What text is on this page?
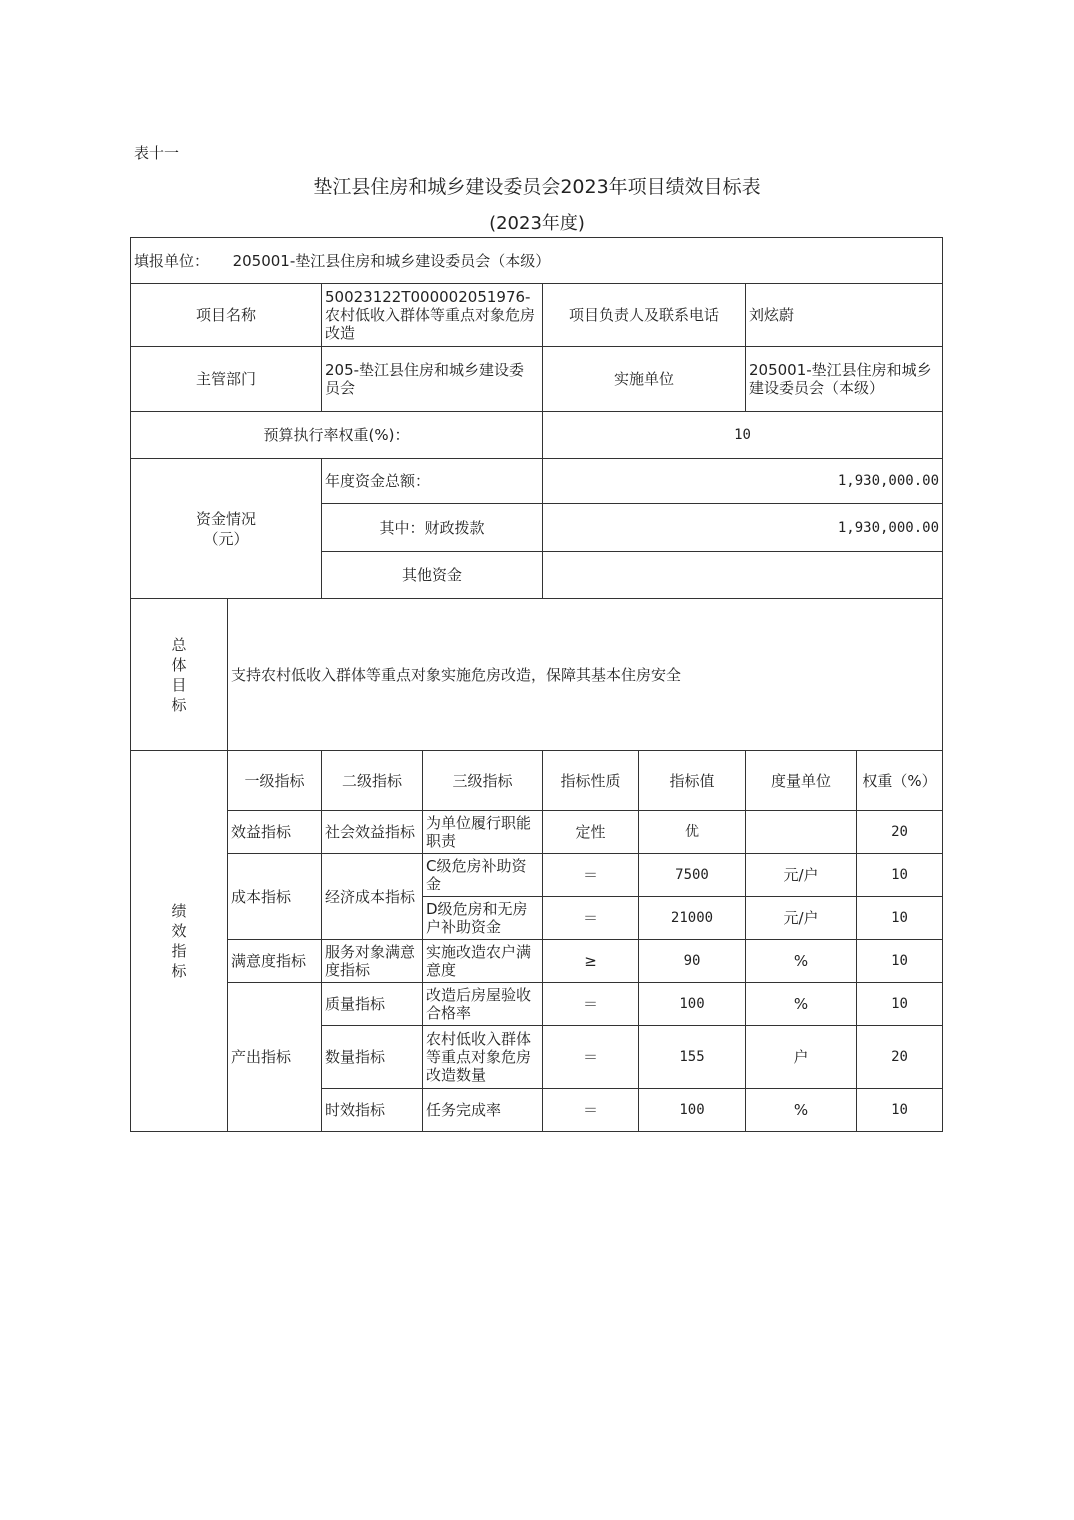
表十一
垫江县住房和城乡建设委员会2023年项目绩效目标表
(2023年度)
填报单位： 205001-垫江县住房和城乡建设委员会（本级）							
项目名称		50023122T000002051976-农村低收入群体等重点对象危房改造		项目负责人及联系电话		刘炫蔚	
主管部门		205-垫江县住房和城乡建设委员会		实施单位		205001-垫江县住房和城乡建设委员会（本级）	
预算执行率权重(%)：				10			
资金情况（元）		年度资金总额：		1,930,000.00			
		其中：财政拨款		1,930,000.00			
		其他资金					
总体目标	支持农村低收入群体等重点对象实施危房改造，保障其基本住房安全						
绩效指标	一级指标	二级指标	三级指标	指标性质	指标值	度量单位	权重（%）
	效益指标	社会效益指标	为单位履行职能职责	定性	优		20
	成本指标	经济成本指标	C级危房补助资金	＝	7500	元/户	10
			D级危房和无房户补助资金	＝	21000	元/户	10
	满意度指标	服务对象满意度指标	实施改造农户满意度	≥	90	%	10
	产出指标	质量指标	改造后房屋验收合格率	＝	100	%	10
		数量指标	农村低收入群体等重点对象危房改造数量	＝	155	户	20
		时效指标	任务完成率	＝	100	%	10
